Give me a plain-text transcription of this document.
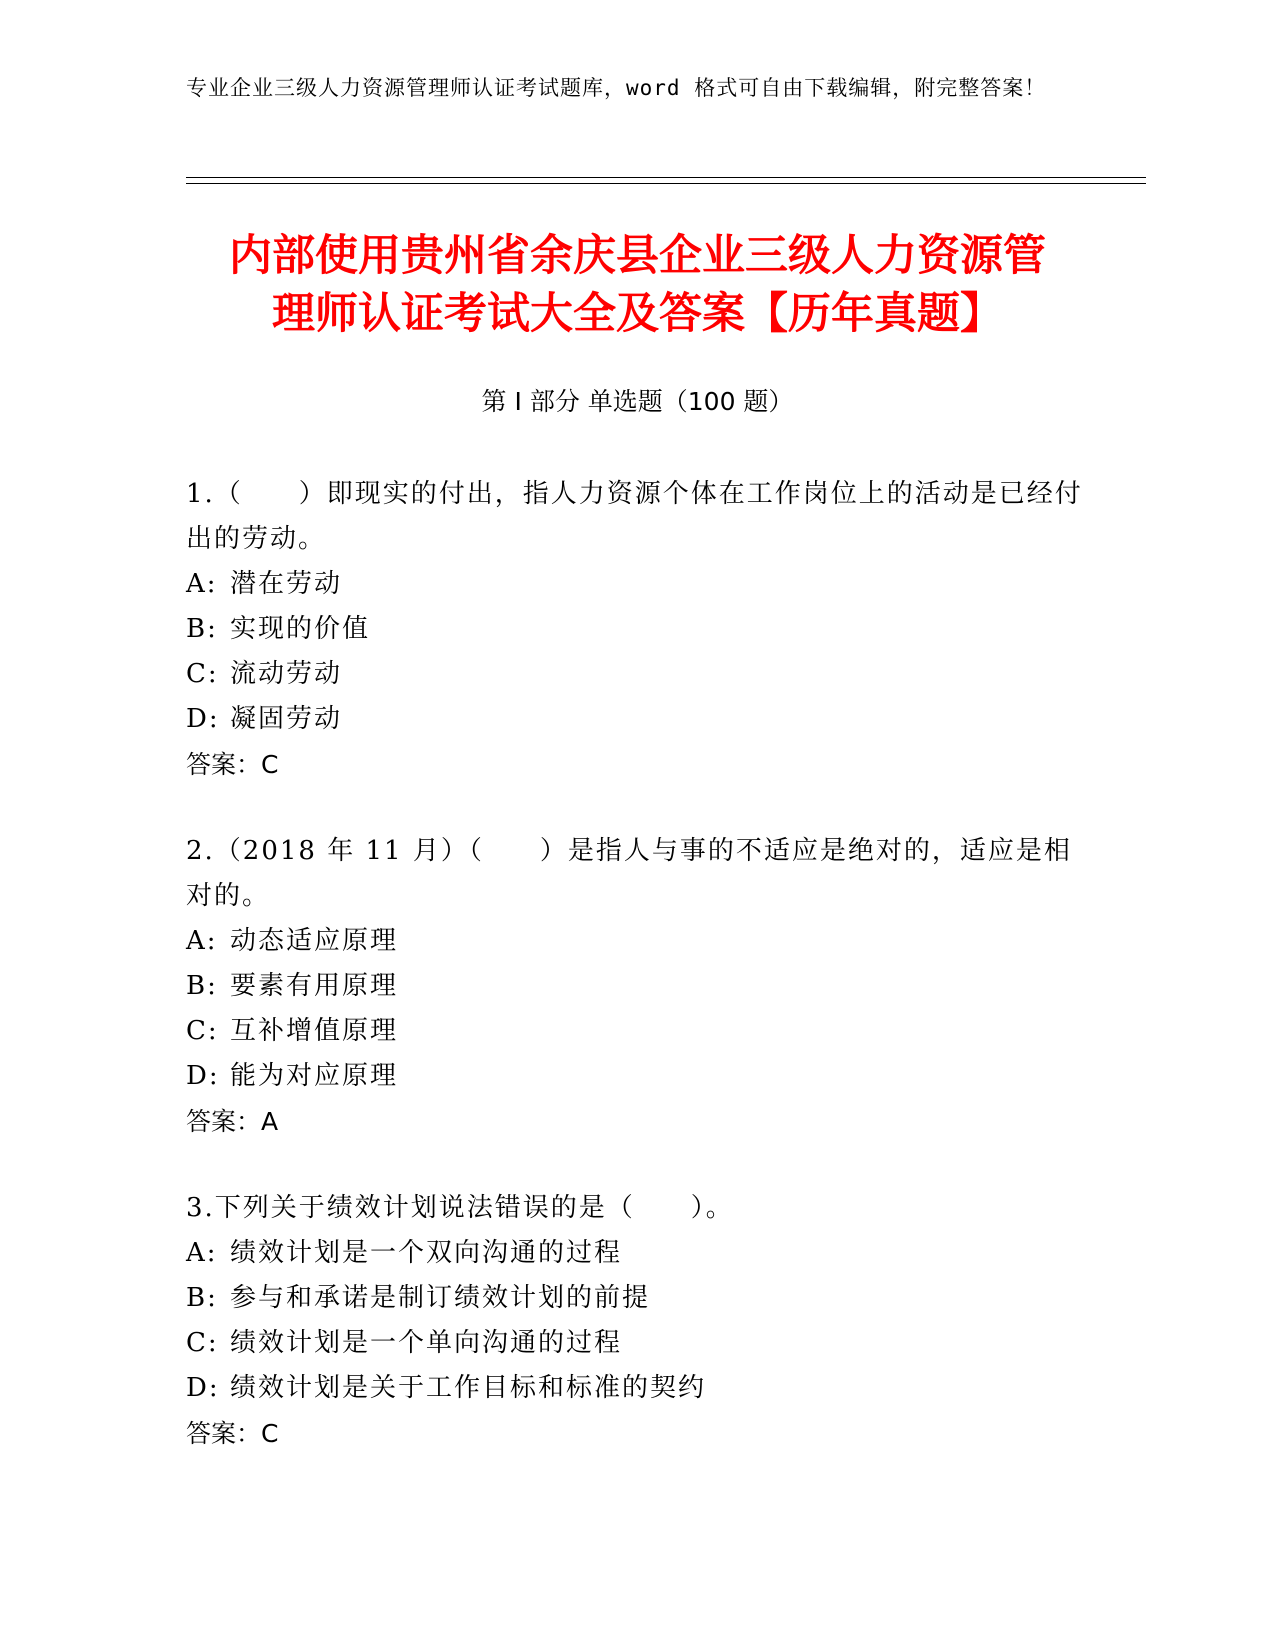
专业企业三级人力资源管理师认证考试题库，word 格式可自由下载编辑，附完整答案！
内部使用贵州省余庆县企业三级人力资源管
理师认证考试大全及答案【历年真题】
第 I 部分 单选题（100 题）
1.（　　）即现实的付出，指人力资源个体在工作岗位上的活动是已经付出的劳动。
A: 潜在劳动
B: 实现的价值
C: 流动劳动
D: 凝固劳动
答案：C
2.（2018 年 11 月）（　　）是指人与事的不适应是绝对的，适应是相对的。
A: 动态适应原理
B: 要素有用原理
C: 互补增值原理
D: 能为对应原理
答案：A
3.下列关于绩效计划说法错误的是（　　）。
A: 绩效计划是一个双向沟通的过程
B: 参与和承诺是制订绩效计划的前提
C: 绩效计划是一个单向沟通的过程
D: 绩效计划是关于工作目标和标准的契约
答案：C
